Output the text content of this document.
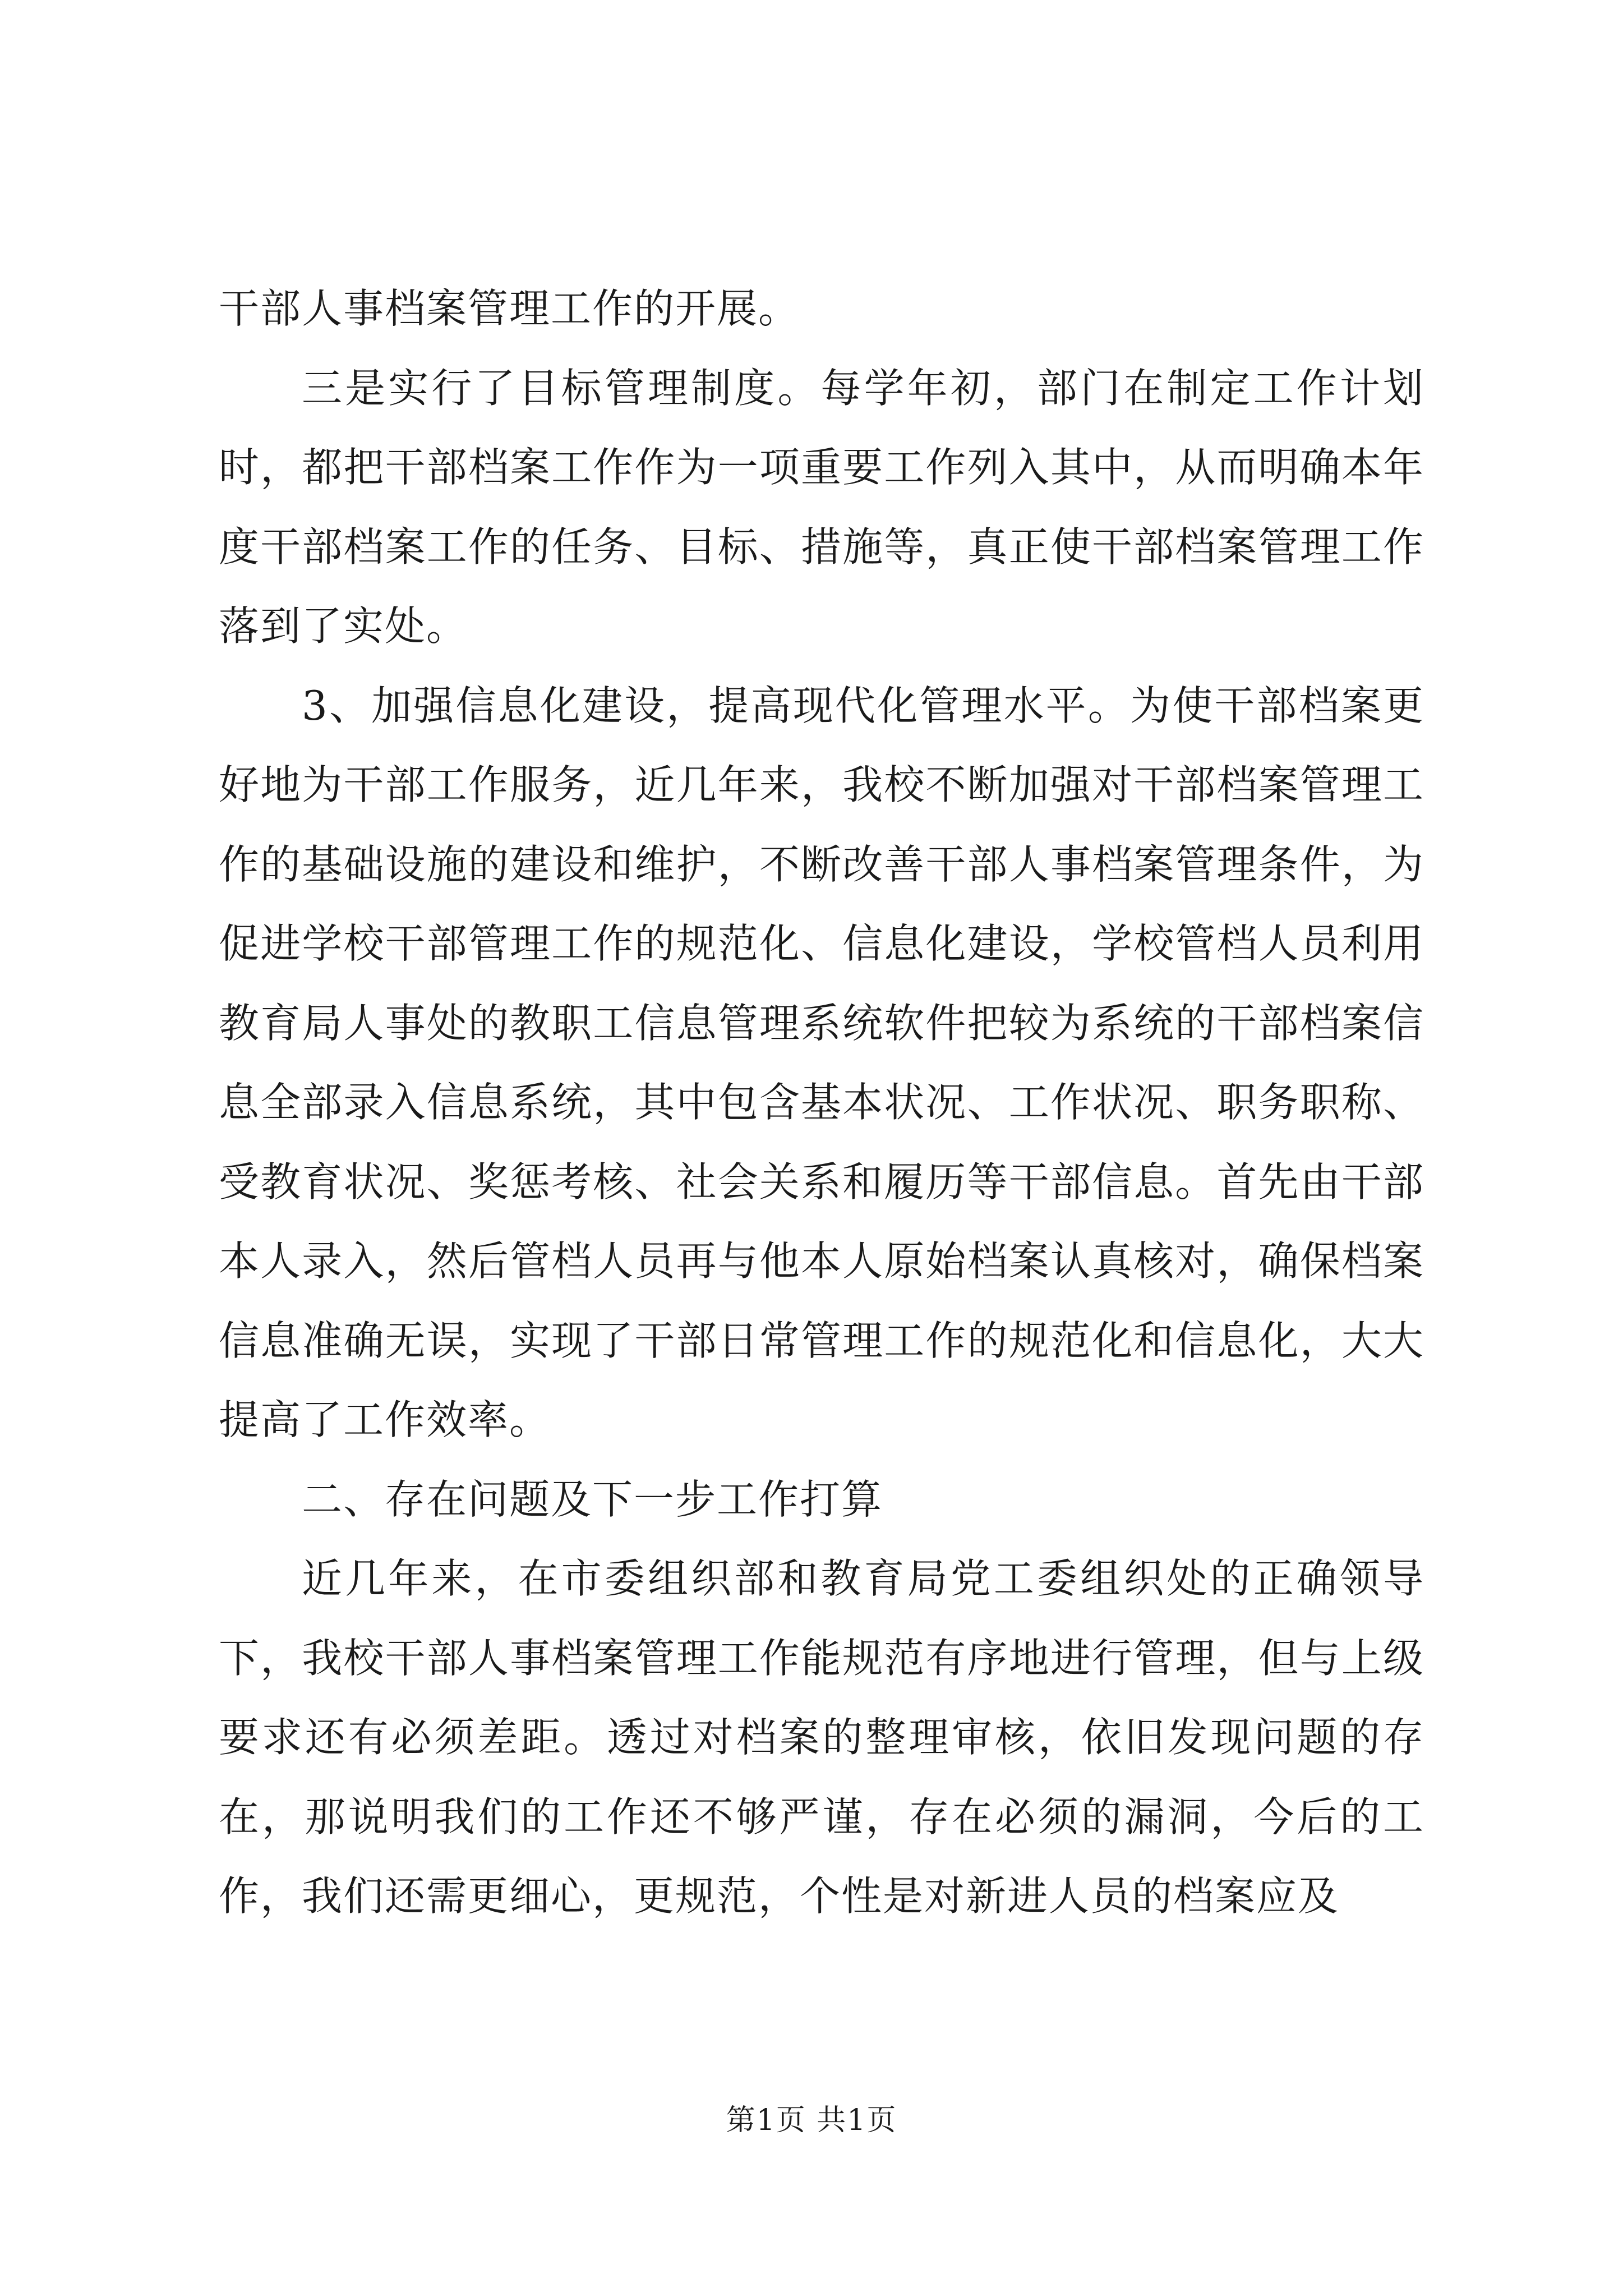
干部人事档案管理工作的开展。

三是实行了目标管理制度。每学年初，部门在制定工作计划时，都把干部档案工作作为一项重要工作列入其中，从而明确本年度干部档案工作的任务、目标、措施等，真正使干部档案管理工作落到了实处。

3、加强信息化建设，提高现代化管理水平。为使干部档案更好地为干部工作服务，近几年来，我校不断加强对干部档案管理工作的基础设施的建设和维护，不断改善干部人事档案管理条件，为促进学校干部管理工作的规范化、信息化建设，学校管档人员利用教育局人事处的教职工信息管理系统软件把较为系统的干部档案信息全部录入信息系统，其中包含基本状况、工作状况、职务职称、受教育状况、奖惩考核、社会关系和履历等干部信息。首先由干部本人录入，然后管档人员再与他本人原始档案认真核对，确保档案信息准确无误，实现了干部日常管理工作的规范化和信息化，大大提高了工作效率。

二、存在问题及下一步工作打算

近几年来，在市委组织部和教育局党工委组织处的正确领导下，我校干部人事档案管理工作能规范有序地进行管理，但与上级要求还有必须差距。透过对档案的整理审核，依旧发现问题的存在，那说明我们的工作还不够严谨，存在必须的漏洞，今后的工作，我们还需更细心，更规范，个性是对新进人员的档案应及

第1页 共1页
